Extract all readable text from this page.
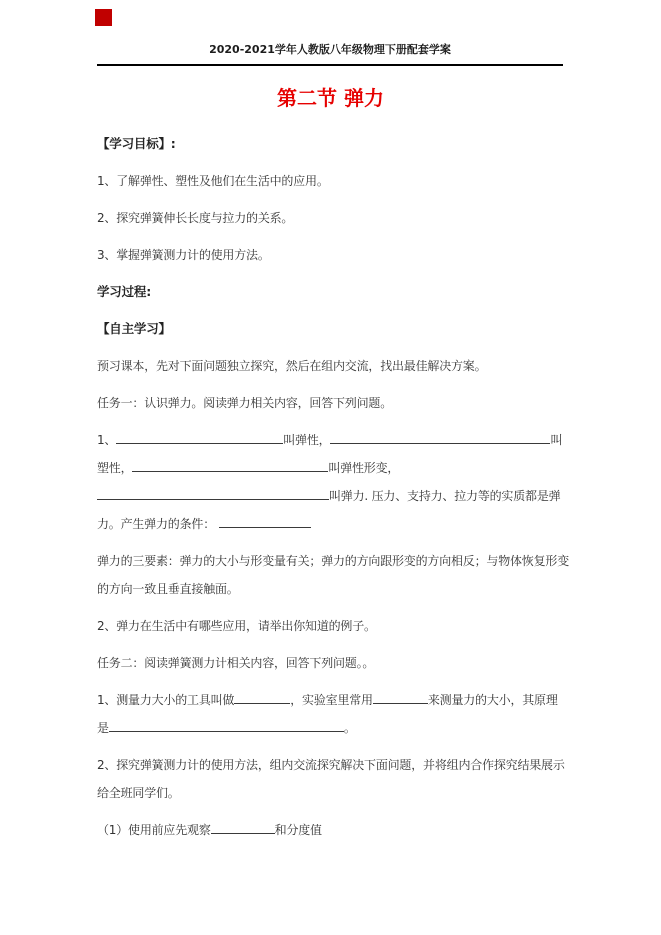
2020-2021学年人教版八年级物理下册配套学案
第二节 弹力
【学习目标】:
1、了解弹性、塑性及他们在生活中的应用。
2、探究弹簧伸长长度与拉力的关系。
3、掌握弹簧测力计的使用方法。
学习过程:
【自主学习】
预习课本，先对下面问题独立探究，然后在组内交流，找出最佳解决方案。
任务一：认识弹力。阅读弹力相关内容，回答下列问题。
1、	叫弹性，	叫
塑性，	叫弹性形变，
叫弹力. 压力、支持力、拉力等的实质都是弹
力。产生弹力的条件：
弹力的三要素：弹力的大小与形变量有关；弹力的方向跟形变的方向相反；与物体恢复形变
的方向一致且垂直接触面。
2、弹力在生活中有哪些应用，请举出你知道的例子。
任务二：阅读弹簧测力计相关内容，回答下列问题。。
1、测量力大小的工具叫做	，实验室里常用	来测量力的大小，其原理
是	。
2、探究弹簧测力计的使用方法，组内交流探究解决下面问题，并将组内合作探究结果展示
给全班同学们。
（1）使用前应先观察	和分度值
